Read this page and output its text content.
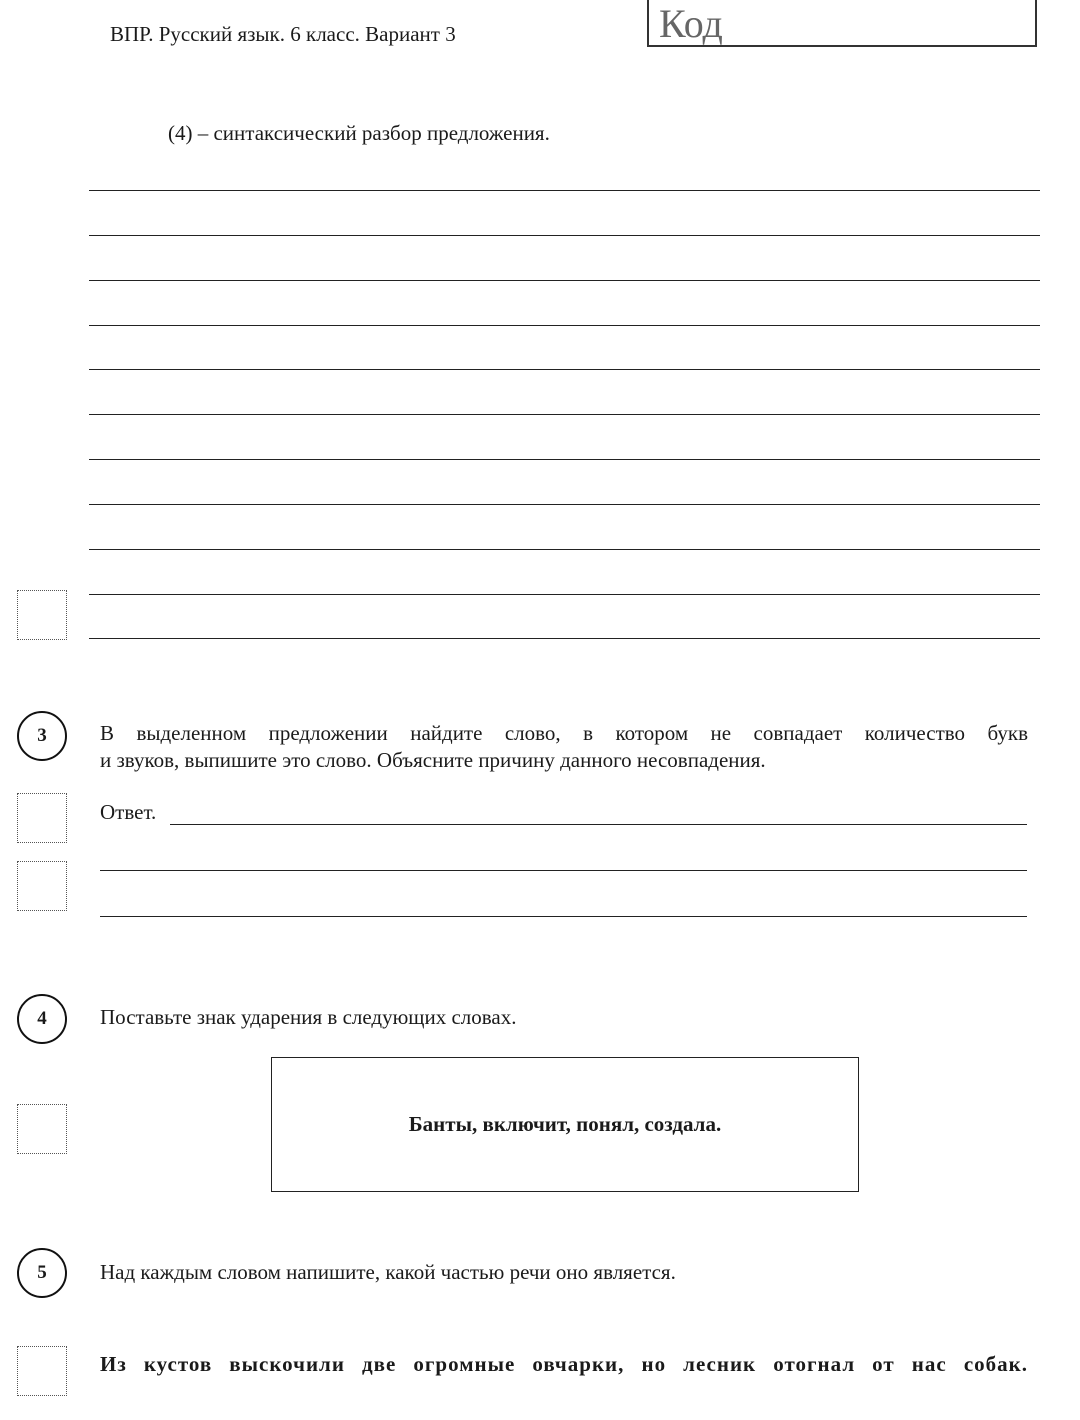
ВПР. Русский язык. 6 класс. Вариант 3	Код
(4) – синтаксический разбор предложения.
3	В выделенном предложении найдите слово, в котором не совпадает количество букв
и звуков, выпишите это слово. Объясните причину данного несовпадения.
Ответ.
4	Поставьте знак ударения в следующих словах.
Банты, включит, понял, создала.
5	Над каждым словом напишите, какой частью речи оно является.
Из кустов выскочили две огромные овчарки, но лесник отогнал от нас собак.
